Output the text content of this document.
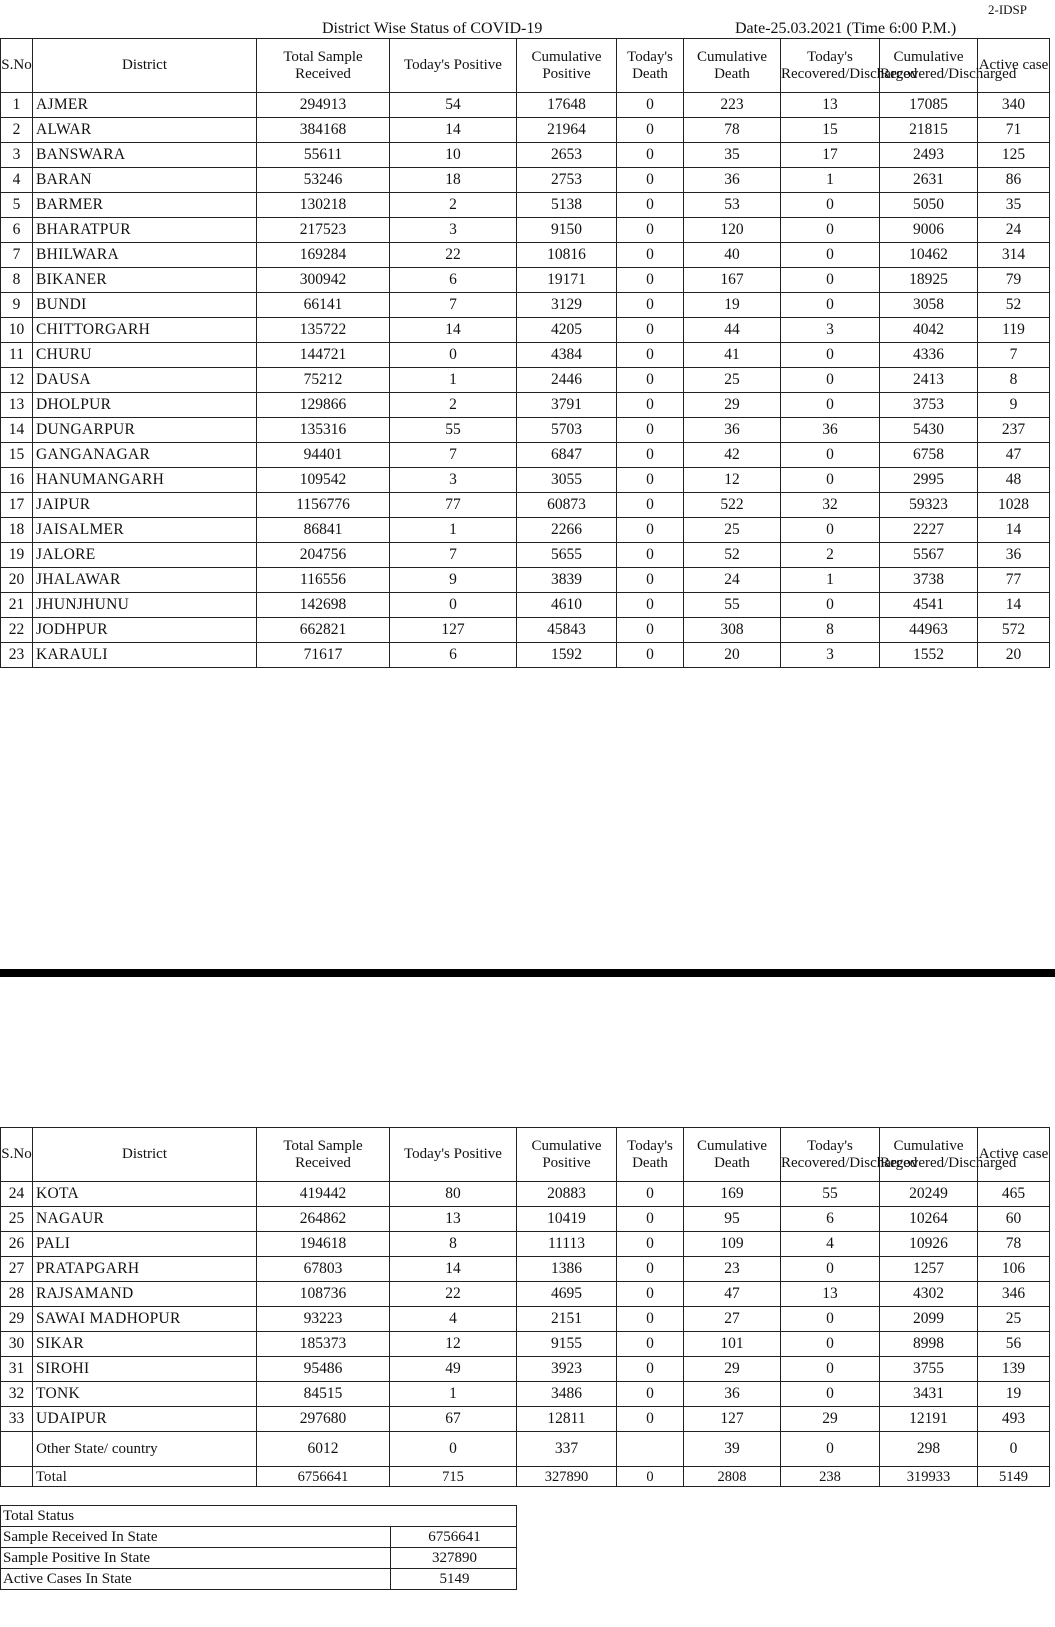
2-IDSP
District Wise Status of COVID-19	Date-25.03.2021 (Time 6:00 P.M.)
S.No	District	Total Sample Received	Today's Positive	Cumulative Positive	Today's Death	Cumulative Death	Today's Recovered/Discharged	Cumulative Recovered/Discharged	Active case
1	AJMER	294913	54	17648	0	223	13	17085	340
2	ALWAR	384168	14	21964	0	78	15	21815	71
3	BANSWARA	55611	10	2653	0	35	17	2493	125
4	BARAN	53246	18	2753	0	36	1	2631	86
5	BARMER	130218	2	5138	0	53	0	5050	35
6	BHARATPUR	217523	3	9150	0	120	0	9006	24
7	BHILWARA	169284	22	10816	0	40	0	10462	314
8	BIKANER	300942	6	19171	0	167	0	18925	79
9	BUNDI	66141	7	3129	0	19	0	3058	52
10	CHITTORGARH	135722	14	4205	0	44	3	4042	119
11	CHURU	144721	0	4384	0	41	0	4336	7
12	DAUSA	75212	1	2446	0	25	0	2413	8
13	DHOLPUR	129866	2	3791	0	29	0	3753	9
14	DUNGARPUR	135316	55	5703	0	36	36	5430	237
15	GANGANAGAR	94401	7	6847	0	42	0	6758	47
16	HANUMANGARH	109542	3	3055	0	12	0	2995	48
17	JAIPUR	1156776	77	60873	0	522	32	59323	1028
18	JAISALMER	86841	1	2266	0	25	0	2227	14
19	JALORE	204756	7	5655	0	52	2	5567	36
20	JHALAWAR	116556	9	3839	0	24	1	3738	77
21	JHUNJHUNU	142698	0	4610	0	55	0	4541	14
22	JODHPUR	662821	127	45843	0	308	8	44963	572
23	KARAULI	71617	6	1592	0	20	3	1552	20
S.No	District	Total Sample Received	Today's Positive	Cumulative Positive	Today's Death	Cumulative Death	Today's Recovered/Discharged	Cumulative Recovered/Discharged	Active case
24	KOTA	419442	80	20883	0	169	55	20249	465
25	NAGAUR	264862	13	10419	0	95	6	10264	60
26	PALI	194618	8	11113	0	109	4	10926	78
27	PRATAPGARH	67803	14	1386	0	23	0	1257	106
28	RAJSAMAND	108736	22	4695	0	47	13	4302	346
29	SAWAI MADHOPUR	93223	4	2151	0	27	0	2099	25
30	SIKAR	185373	12	9155	0	101	0	8998	56
31	SIROHI	95486	49	3923	0	29	0	3755	139
32	TONK	84515	1	3486	0	36	0	3431	19
33	UDAIPUR	297680	67	12811	0	127	29	12191	493
	Other State/ country	6012	0	337		39	0	298	0
	Total	6756641	715	327890	0	2808	238	319933	5149
Total Status	
Sample Received In State	6756641
Sample Positive In State	327890
Active Cases In State	5149
